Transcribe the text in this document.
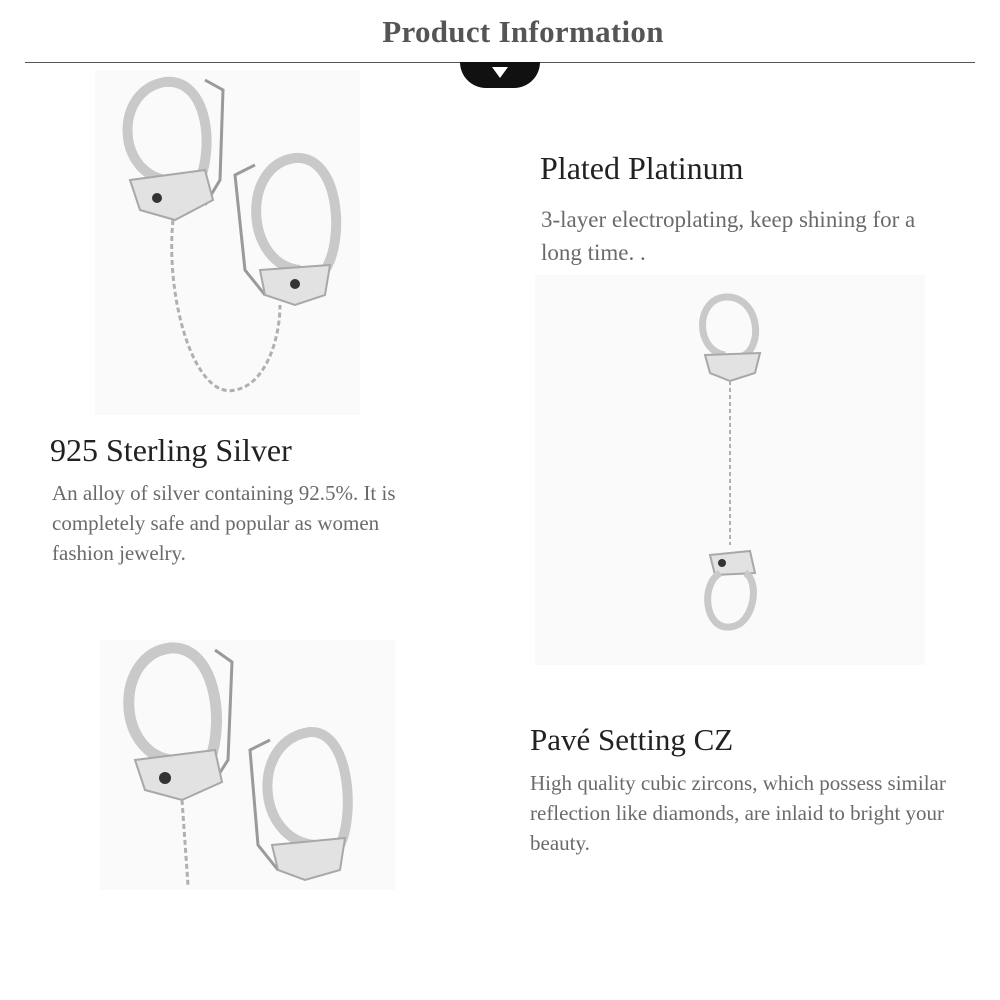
Product Information
925 Sterling Silver
An alloy of silver containing 92.5%. It is completely safe and popular as women fashion jewelry.
Plated Platinum
3-layer electroplating, keep shining for a long time. .
Pavé Setting CZ
High quality cubic zircons, which possess similar reflection like diamonds, are inlaid to bright your beauty.
